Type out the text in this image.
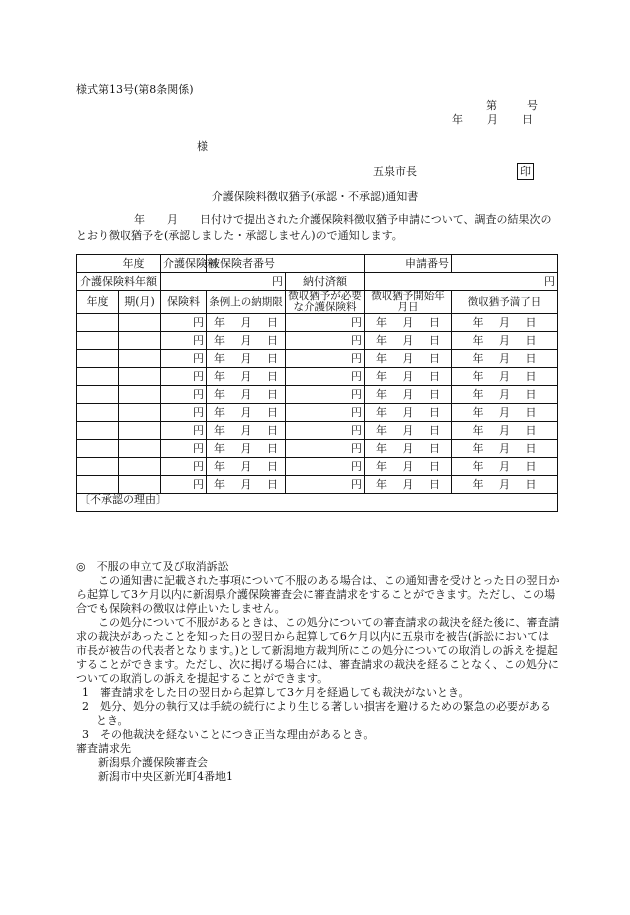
様式第13号(第8条関係)
第	号
年 月 日
様
五泉市長	印
介護保険料徴収猶予(承認・不承認)通知書
年　　月　　日付けで提出された介護保険料徴収猶予申請について、調査の結果次のとおり徴収猶予を(承認しました・承認しません)ので通知します。
年度		介護保険料	被保険者番号		申請番号	
介護保険料年額		円		納付済額	円	
年度	期(月)	保険料	条例上の納期限	徴収猶予が必要な介護保険料	徴収猶予開始年月日	徴収猶予満了日
		円	年 月 日	円	年 月 日	年 月 日
		円	年 月 日	円	年 月 日	年 月 日
		円	年 月 日	円	年 月 日	年 月 日
		円	年 月 日	円	年 月 日	年 月 日
		円	年 月 日	円	年 月 日	年 月 日
		円	年 月 日	円	年 月 日	年 月 日
		円	年 月 日	円	年 月 日	年 月 日
		円	年 月 日	円	年 月 日	年 月 日
		円	年 月 日	円	年 月 日	年 月 日
		円	年 月 日	円	年 月 日	年 月 日
〔不承認の理由〕						

◎　不服の申立て及び取消訴訟

この通知書に記載された事項について不服のある場合は、この通知書を受けとった日の翌日から起算して3ケ月以内に新潟県介護保険審査会に審査請求をすることができます。ただし、この場合でも保険料の徴収は停止いたしません。

この処分について不服があるときは、この処分についての審査請求の裁決を経た後に、審査請求の裁決があったことを知った日の翌日から起算して6ケ月以内に五泉市を被告(訴訟においては市長が被告の代表者となります。)として新潟地方裁判所にこの処分についての取消しの訴えを提起することができます。ただし、次に掲げる場合には、審査請求の裁決を経ることなく、この処分についての取消しの訴えを提起することができます。

1　審査請求をした日の翌日から起算して3ケ月を経過しても裁決がないとき。

2　処分、処分の執行又は手続の続行により生じる著しい損害を避けるための緊急の必要があるとき。

3　その他裁決を経ないことにつき正当な理由があるとき。

審査請求先

新潟県介護保険審査会

新潟市中央区新光町4番地1
